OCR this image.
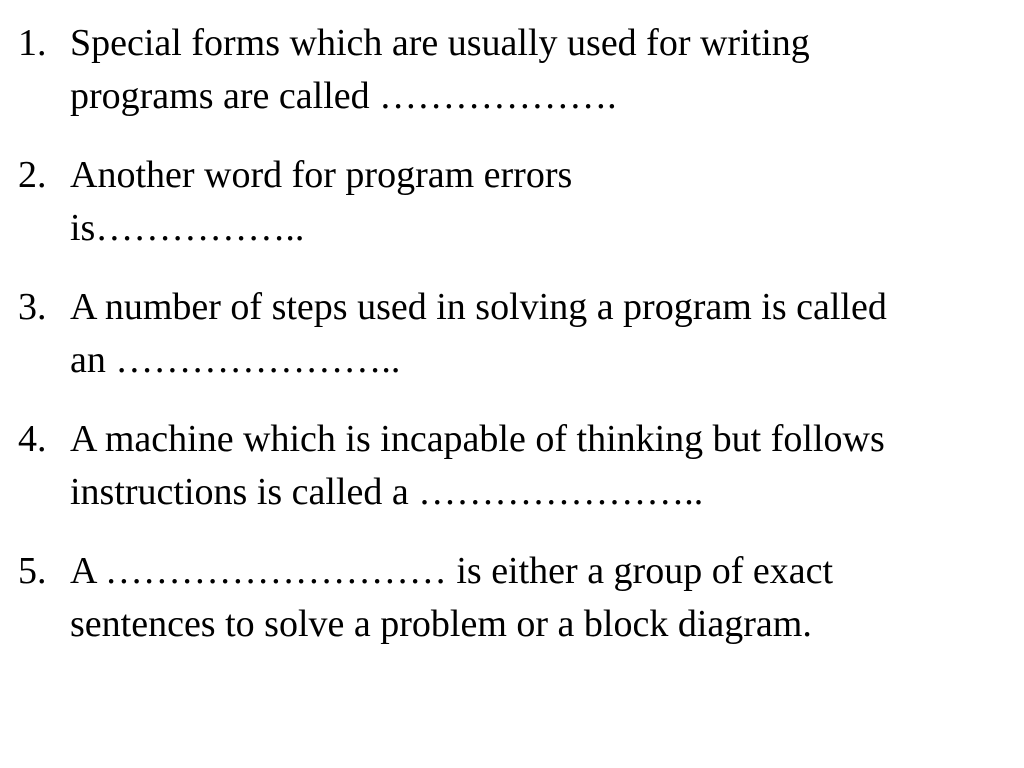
1. Special forms which are usually used for writing programs are called ……………….
2. Another word for program errors is……………..
3. A number of steps used in solving a program is called an …………………..
4. A machine which is incapable of thinking but follows instructions is called a …………………..
5. A ……………………… is either a group of exact sentences to solve a problem or a block diagram.
